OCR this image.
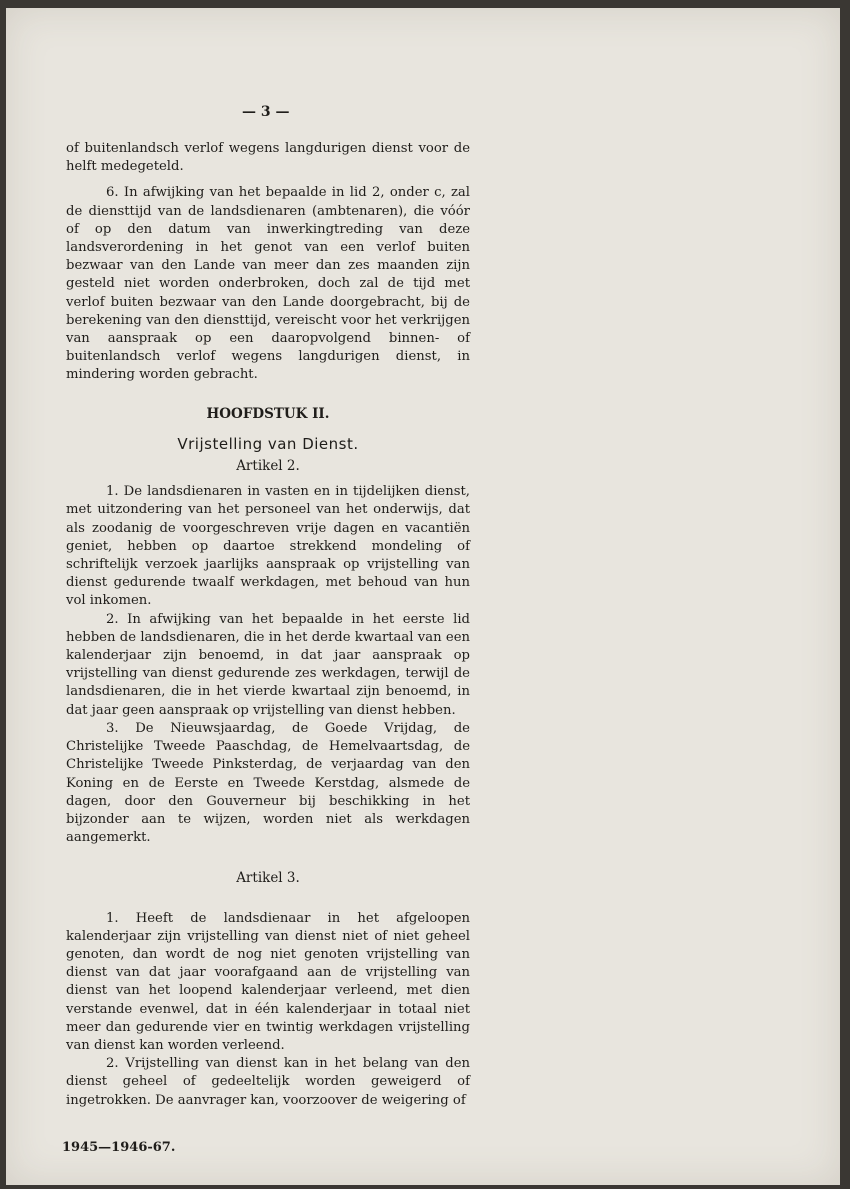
— 3 —

of buitenlandsch verlof wegens langdurigen dienst voor de helft medegeteld.

6. In afwijking van het bepaalde in lid 2, onder c, zal de diensttijd van de landsdienaren (ambtenaren), die vóór of op den datum van inwerkingtreding van deze landsverordening in het genot van een verlof buiten bezwaar van den Lande van meer dan zes maanden zijn gesteld niet worden onderbroken, doch zal de tijd met verlof buiten bezwaar van den Lande doorgebracht, bij de berekening van den diensttijd, vereischt voor het verkrijgen van aanspraak op een daaropvolgend binnen- of buitenlandsch verlof wegens langdurigen dienst, in mindering worden gebracht.

HOOFDSTUK II.
Vrijstelling van Dienst.
Artikel 2.

1. De landsdienaren in vasten en in tijdelijken dienst, met uitzondering van het personeel van het onderwijs, dat als zoodanig de voorgeschreven vrije dagen en vacantiën geniet, hebben op daartoe strekkend mondeling of schriftelijk verzoek jaarlijks aanspraak op vrijstelling van dienst gedurende twaalf werkdagen, met behoud van hun vol inkomen.

2. In afwijking van het bepaalde in het eerste lid hebben de landsdienaren, die in het derde kwartaal van een kalenderjaar zijn benoemd, in dat jaar aanspraak op vrijstelling van dienst gedurende zes werkdagen, terwijl de landsdienaren, die in het vierde kwartaal zijn benoemd, in dat jaar geen aanspraak op vrijstelling van dienst hebben.

3. De Nieuwsjaardag, de Goede Vrijdag, de Christelijke Tweede Paaschdag, de Hemelvaartsdag, de Christelijke Tweede Pinksterdag, de verjaardag van den Koning en de Eerste en Tweede Kerstdag, alsmede de dagen, door den Gouverneur bij beschikking in het bijzonder aan te wijzen, worden niet als werkdagen aangemerkt.

Artikel 3.

1. Heeft de landsdienaar in het afgeloopen kalenderjaar zijn vrijstelling van dienst niet of niet geheel genoten, dan wordt de nog niet genoten vrijstelling van dienst van dat jaar voorafgaand aan de vrijstelling van dienst van het loopend kalenderjaar verleend, met dien verstande evenwel, dat in één kalenderjaar in totaal niet meer dan gedurende vier en twintig werkdagen vrijstelling van dienst kan worden verleend.

2. Vrijstelling van dienst kan in het belang van den dienst geheel of gedeeltelijk worden geweigerd of ingetrokken. De aanvrager kan, voorzoover de weigering of

1945—1946-67.
